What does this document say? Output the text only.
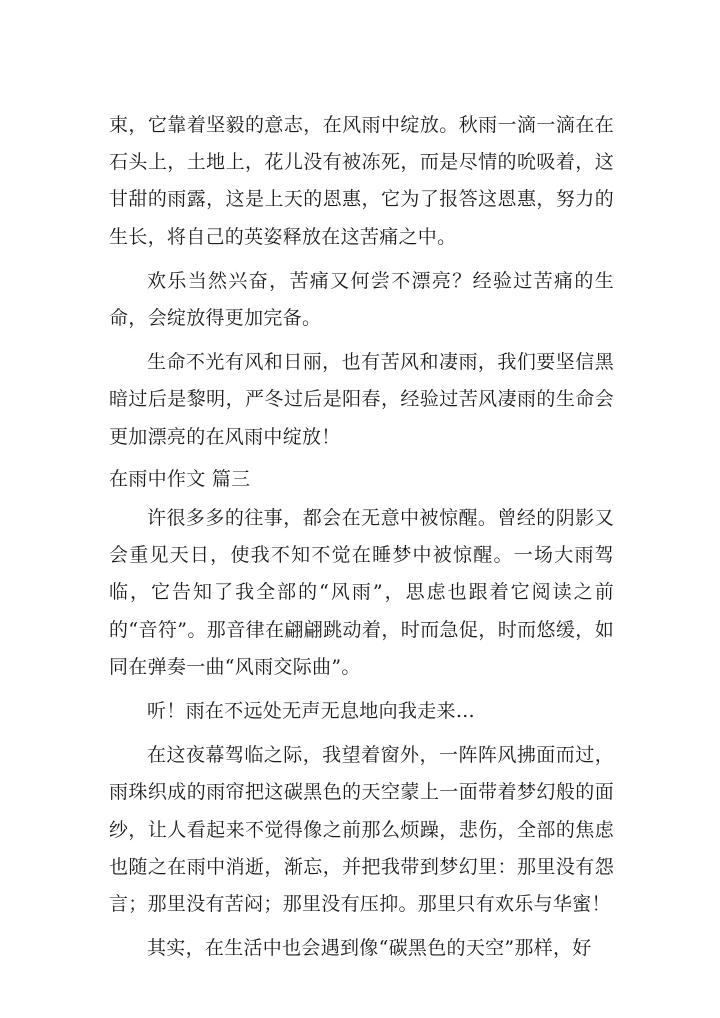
束，它靠着坚毅的意志，在风雨中绽放。秋雨一滴一滴在在石头上，土地上，花儿没有被冻死，而是尽情的吮吸着，这甘甜的雨露，这是上天的恩惠，它为了报答这恩惠，努力的生长，将自己的英姿释放在这苦痛之中。

欢乐当然兴奋，苦痛又何尝不漂亮？经验过苦痛的生命，会绽放得更加完备。

生命不光有风和日丽，也有苦风和凄雨，我们要坚信黑暗过后是黎明，严冬过后是阳春，经验过苦风凄雨的生命会更加漂亮的在风雨中绽放！

在雨中作文 篇三

许很多多的往事，都会在无意中被惊醒。曾经的阴影又会重见天日，使我不知不觉在睡梦中被惊醒。一场大雨驾临，它告知了我全部的“风雨”，思虑也跟着它阅读之前的“音符”。那音律在翩翩跳动着，时而急促，时而悠缓，如同在弹奏一曲“风雨交际曲”。

听！雨在不远处无声无息地向我走来…

在这夜幕驾临之际，我望着窗外，一阵阵风拂面而过，雨珠织成的雨帘把这碳黑色的天空蒙上一面带着梦幻般的面纱，让人看起来不觉得像之前那么烦躁，悲伤，全部的焦虑也随之在雨中消逝，渐忘，并把我带到梦幻里：那里没有怨言；那里没有苦闷；那里没有压抑。那里只有欢乐与华蜜！

其实，在生活中也会遇到像“碳黑色的天空”那样，好
